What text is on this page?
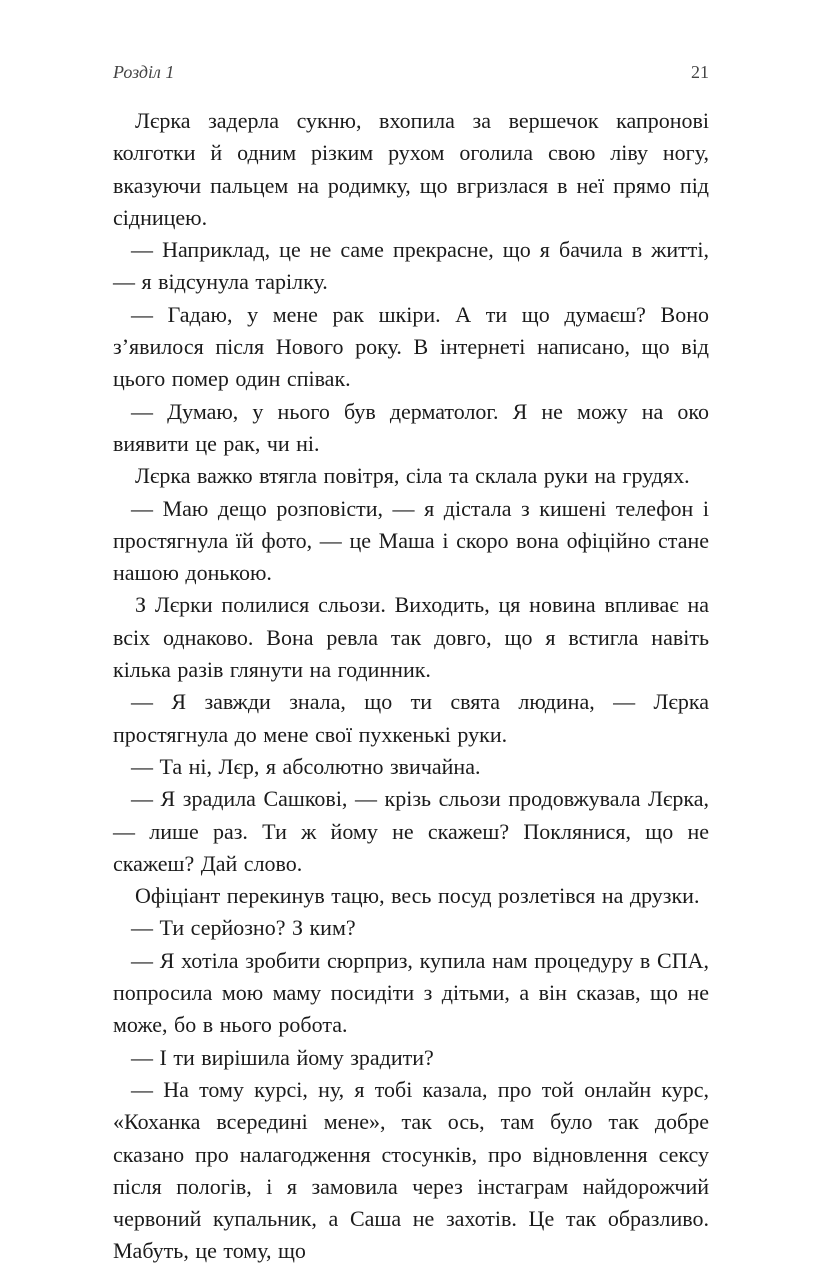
Розділ 1	21

Лєрка задерла сукню, вхопила за вершечок капронові колготки й одним різким рухом оголила свою ліву ногу, вказуючи пальцем на родимку, що вгризлася в неї прямо під сідницею.

— Наприклад, це не саме прекрасне, що я бачила в житті, — я відсунула тарілку.

— Гадаю, у мене рак шкіри. А ти що думаєш? Воно з’явилося після Нового року. В інтернеті написано, що від цього помер один співак.

— Думаю, у нього був дерматолог. Я не можу на око виявити це рак, чи ні.

Лєрка важко втягла повітря, сіла та склала руки на грудях.

— Маю дещо розповісти, — я дістала з кишені телефон і простягнула їй фото, — це Маша і скоро вона офіційно стане нашою донькою.

З Лєрки полилися сльози. Виходить, ця новина впливає на всіх однаково. Вона ревла так довго, що я встигла навіть кілька разів глянути на годинник.

— Я завжди знала, що ти свята людина, — Лєрка простягнула до мене свої пухкенькі руки.

— Та ні, Лєр, я абсолютно звичайна.

— Я зрадила Сашкові, — крізь сльози продовжувала Лєрка, — лише раз. Ти ж йому не скажеш? Поклянися, що не скажеш? Дай слово.

Офіціант перекинув тацю, весь посуд розлетівся на друзки.

— Ти серйозно? З ким?

— Я хотіла зробити сюрприз, купила нам процедуру в СПА, попросила мою маму посидіти з дітьми, а він сказав, що не може, бо в нього робота.

— І ти вирішила йому зрадити?

— На тому курсі, ну, я тобі казала, про той онлайн курс, «Коханка всередині мене», так ось, там було так добре сказано про налагодження стосунків, про відновлення сексу після пологів, і я замовила через інстаграм найдорожчий червоний купальник, а Саша не захотів. Це так образливо. Мабуть, це тому, що
